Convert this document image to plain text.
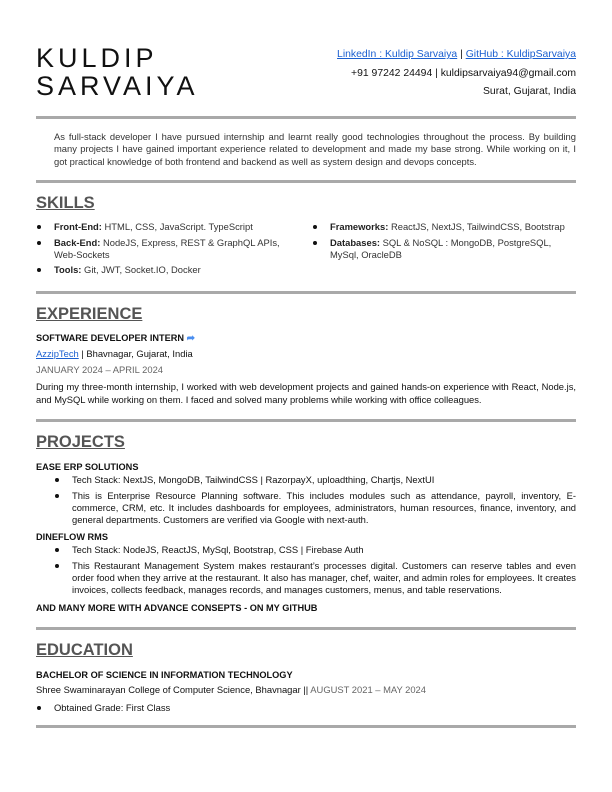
KULDIP
SARVAIYA
LinkedIn : Kuldip Sarvaiya | GitHub : KuldipSarvaiya
+91 97242 24494 | kuldipsarvaiya94@gmail.com
Surat, Gujarat, India

As full-stack developer I have pursued internship and learnt really good technologies throughout the process. By building many projects I have gained important experience related to development and made my base strong. While working on it, I got practical knowledge of both frontend and backend as well as system design and devops concepts.

SKILLS
Front-End: HTML, CSS, JavaScript. TypeScript
Back-End: NodeJS, Express, REST & GraphQL APIs, Web-Sockets
Tools: Git, JWT, Socket.IO, Docker
Frameworks: ReactJS, NextJS, TailwindCSS, Bootstrap
Databases: SQL & NoSQL : MongoDB, PostgreSQL, MySql, OracleDB
EXPERIENCE
SOFTWARE DEVELOPER INTERN ➦
AzzipTech | Bhavnagar, Gujarat, India
JANUARY 2024 – APRIL 2024

During my three-month internship, I worked with web development projects and gained hands-on experience with React, Node.js, and MySQL while working on them. I faced and solved many problems while working with office colleagues.

PROJECTS
EASE ERP SOLUTIONS
Tech Stack: NextJS, MongoDB, TailwindCSS | RazorpayX, uploadthing, Chartjs, NextUI
This is Enterprise Resource Planning software. This includes modules such as attendance, payroll, inventory, E-commerce, CRM, etc. It includes dashboards for employees, administrators, human resources, finance, inventory, and general departments. Customers are verified via Google with next-auth.
DINEFLOW RMS
Tech Stack: NodeJS, ReactJS, MySql, Bootstrap, CSS | Firebase Auth
This Restaurant Management System makes restaurant’s processes digital. Customers can reserve tables and even order food when they arrive at the restaurant. It also has manager, chef, waiter, and admin roles for employees. It creates invoices, collects feedback, manages records, and manages customers, menus, and table reservations.
AND MANY MORE WITH ADVANCE CONSEPTS - ON MY GITHUB
EDUCATION
BACHELOR OF SCIENCE IN INFORMATION TECHNOLOGY
Shree Swaminarayan College of Computer Science, Bhavnagar || AUGUST 2021 – MAY 2024
Obtained Grade: First Class
